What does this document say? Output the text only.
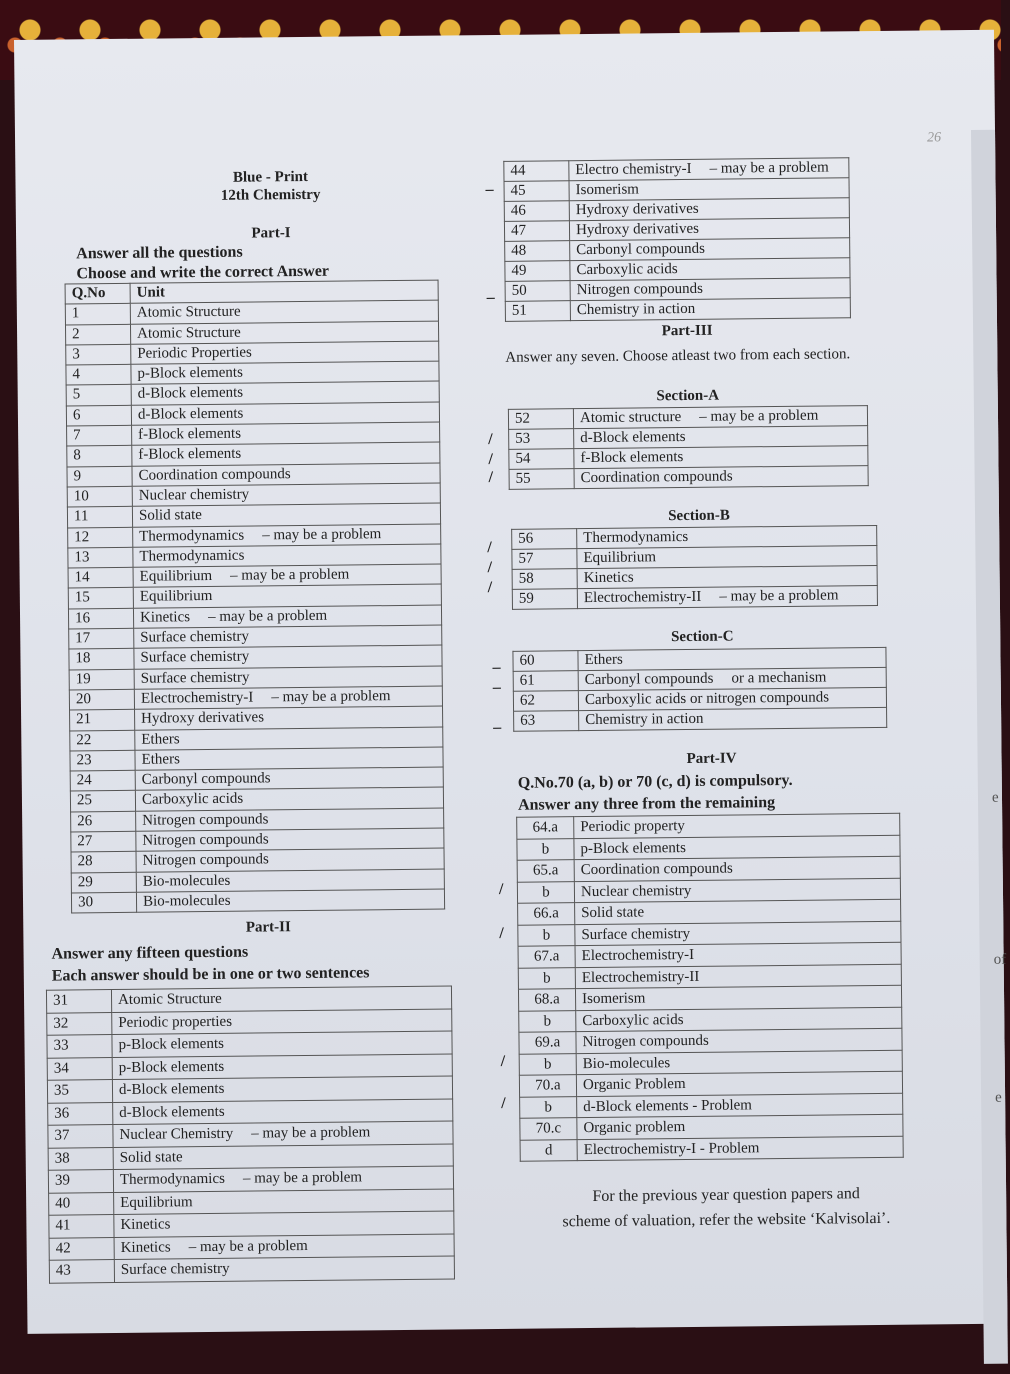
26
e
of
e
Blue - Print
12th Chemistry
Part-I
Answer all the questions
Choose and write the correct Answer
Q.No	Unit
1	Atomic Structure
2	Atomic Structure
3	Periodic Properties
4	p-Block elements
5	d-Block elements
6	d-Block elements
7	f-Block elements
8	f-Block elements
9	Coordination compounds
10	Nuclear chemistry
11	Solid state
12	Thermodynamics – may be a problem
13	Thermodynamics
14	Equilibrium – may be a problem
15	Equilibrium
16	Kinetics – may be a problem
17	Surface chemistry
18	Surface chemistry
19	Surface chemistry
20	Electrochemistry-I – may be a problem
21	Hydroxy derivatives
22	Ethers
23	Ethers
24	Carbonyl compounds
25	Carboxylic acids
26	Nitrogen compounds
27	Nitrogen compounds
28	Nitrogen compounds
29	Bio-molecules
30	Bio-molecules
Part-II
Answer any fifteen questions
Each answer should be in one or two sentences
31	Atomic Structure
32	Periodic properties
33	p-Block elements
34	p-Block elements
35	d-Block elements
36	d-Block elements
37	Nuclear Chemistry – may be a problem
38	Solid state
39	Thermodynamics – may be a problem
40	Equilibrium
41	Kinetics
42	Kinetics – may be a problem
43	Surface chemistry
44	Electro chemistry-I – may be a problem
45	Isomerism
46	Hydroxy derivatives
47	Hydroxy derivatives
48	Carbonyl compounds
49	Carboxylic acids
50	Nitrogen compounds
51	Chemistry in action
–
–
Part-III
Answer any seven. Choose atleast two from each section.
Section-A
52	Atomic structure – may be a problem
53	d-Block elements
54	f-Block elements
55	Coordination compounds
/
/
/
Section-B
56	Thermodynamics
57	Equilibrium
58	Kinetics
59	Electrochemistry-II – may be a problem
/
/
/
Section-C
60	Ethers
61	Carbonyl compounds or a mechanism
62	Carboxylic acids or nitrogen compounds
63	Chemistry in action
–
–
–
Part-IV
Q.No.70 (a, b) or 70 (c, d) is compulsory.
Answer any three from the remaining
64.a	Periodic property
b	p-Block elements
65.a	Coordination compounds
b	Nuclear chemistry
66.a	Solid state
b	Surface chemistry
67.a	Electrochemistry-I
b	Electrochemistry-II
68.a	Isomerism
b	Carboxylic acids
69.a	Nitrogen compounds
b	Bio-molecules
70.a	Organic Problem
b	d-Block elements - Problem
70.c	Organic problem
d	Electrochemistry-I - Problem
/
/
/
/
For the previous year question papers and
scheme of valuation, refer the website ‘Kalvisolai’.
